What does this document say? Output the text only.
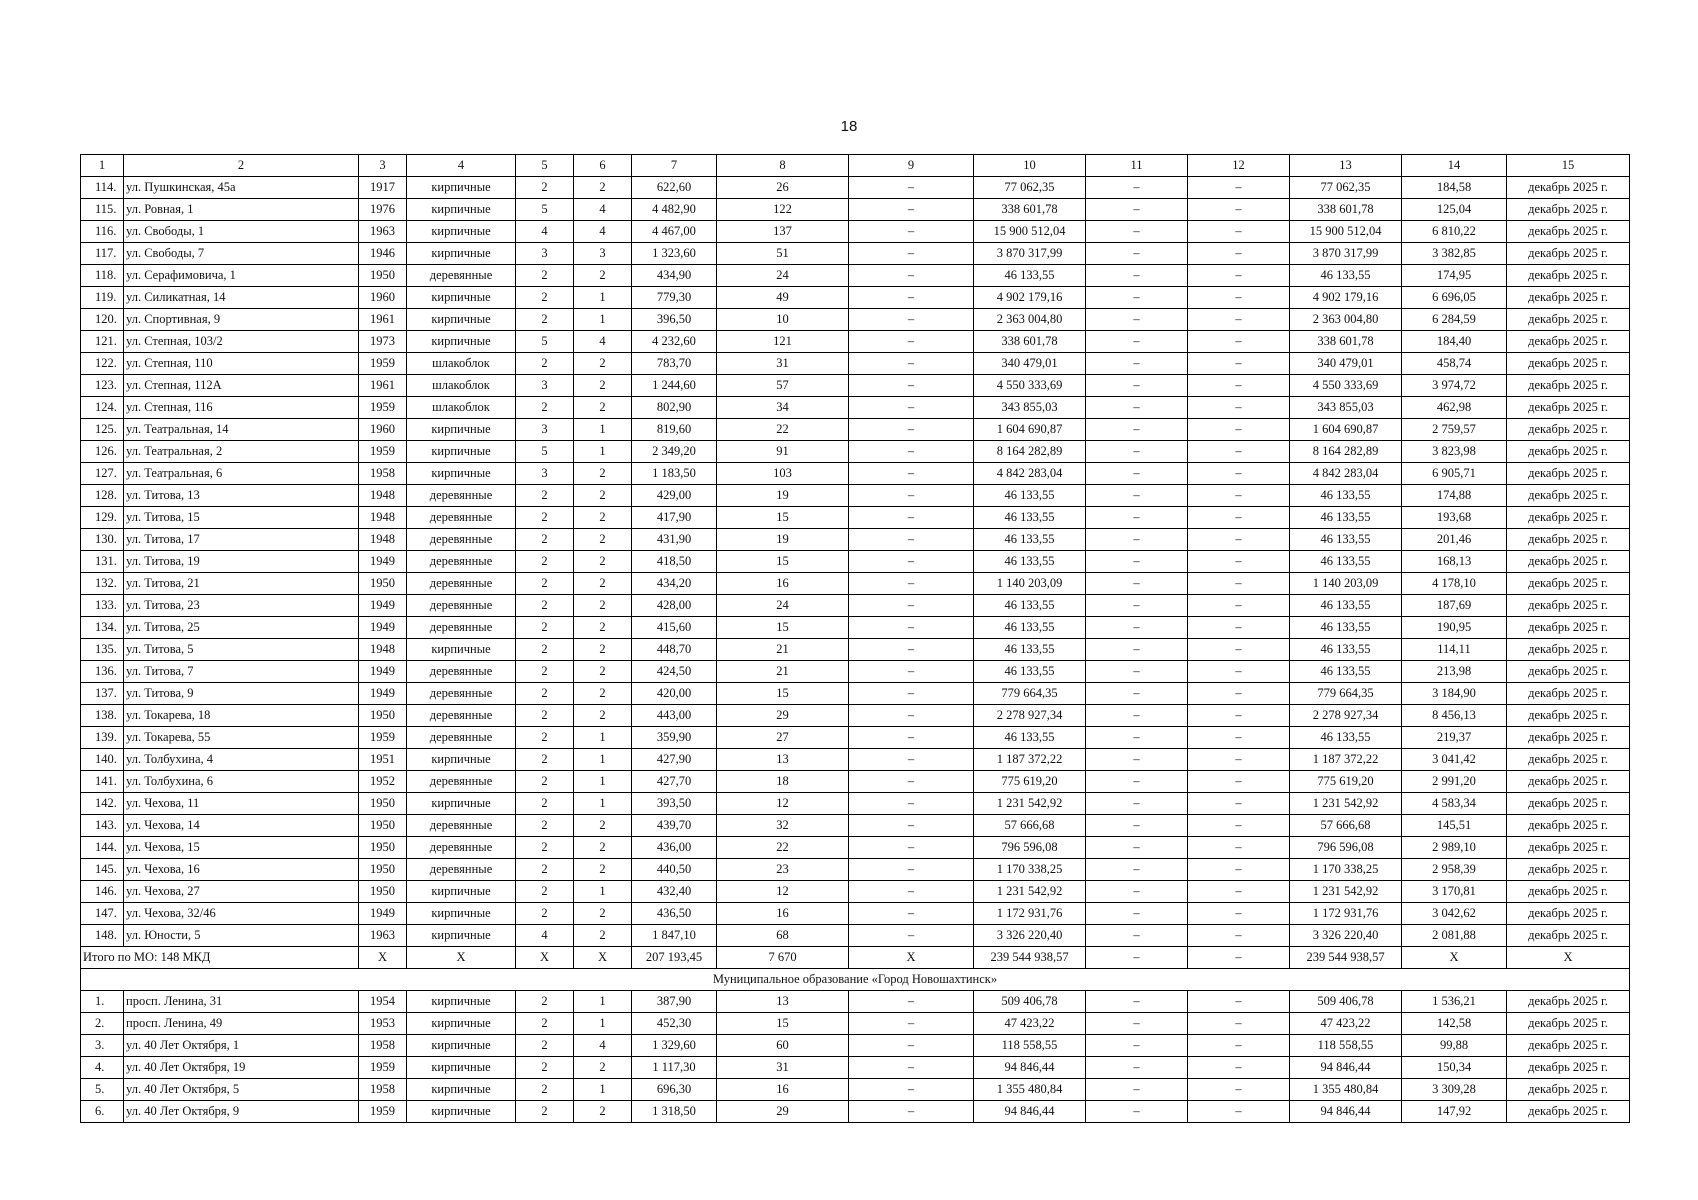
18
1	2	3	4	5	6	7	8	9	10	11	12	13	14	15
114.	ул. Пушкинская, 45а	1917	кирпичные	2	2	622,60	26	–	77 062,35	–	–	77 062,35	184,58	декабрь 2025 г.
115.	ул. Ровная, 1	1976	кирпичные	5	4	4 482,90	122	–	338 601,78	–	–	338 601,78	125,04	декабрь 2025 г.
116.	ул. Свободы, 1	1963	кирпичные	4	4	4 467,00	137	–	15 900 512,04	–	–	15 900 512,04	6 810,22	декабрь 2025 г.
117.	ул. Свободы, 7	1946	кирпичные	3	3	1 323,60	51	–	3 870 317,99	–	–	3 870 317,99	3 382,85	декабрь 2025 г.
118.	ул. Серафимовича, 1	1950	деревянные	2	2	434,90	24	–	46 133,55	–	–	46 133,55	174,95	декабрь 2025 г.
119.	ул. Силикатная, 14	1960	кирпичные	2	1	779,30	49	–	4 902 179,16	–	–	4 902 179,16	6 696,05	декабрь 2025 г.
120.	ул. Спортивная, 9	1961	кирпичные	2	1	396,50	10	–	2 363 004,80	–	–	2 363 004,80	6 284,59	декабрь 2025 г.
121.	ул. Степная, 103/2	1973	кирпичные	5	4	4 232,60	121	–	338 601,78	–	–	338 601,78	184,40	декабрь 2025 г.
122.	ул. Степная, 110	1959	шлакоблок	2	2	783,70	31	–	340 479,01	–	–	340 479,01	458,74	декабрь 2025 г.
123.	ул. Степная, 112А	1961	шлакоблок	3	2	1 244,60	57	–	4 550 333,69	–	–	4 550 333,69	3 974,72	декабрь 2025 г.
124.	ул. Степная, 116	1959	шлакоблок	2	2	802,90	34	–	343 855,03	–	–	343 855,03	462,98	декабрь 2025 г.
125.	ул. Театральная, 14	1960	кирпичные	3	1	819,60	22	–	1 604 690,87	–	–	1 604 690,87	2 759,57	декабрь 2025 г.
126.	ул. Театральная, 2	1959	кирпичные	5	1	2 349,20	91	–	8 164 282,89	–	–	8 164 282,89	3 823,98	декабрь 2025 г.
127.	ул. Театральная, 6	1958	кирпичные	3	2	1 183,50	103	–	4 842 283,04	–	–	4 842 283,04	6 905,71	декабрь 2025 г.
128.	ул. Титова, 13	1948	деревянные	2	2	429,00	19	–	46 133,55	–	–	46 133,55	174,88	декабрь 2025 г.
129.	ул. Титова, 15	1948	деревянные	2	2	417,90	15	–	46 133,55	–	–	46 133,55	193,68	декабрь 2025 г.
130.	ул. Титова, 17	1948	деревянные	2	2	431,90	19	–	46 133,55	–	–	46 133,55	201,46	декабрь 2025 г.
131.	ул. Титова, 19	1949	деревянные	2	2	418,50	15	–	46 133,55	–	–	46 133,55	168,13	декабрь 2025 г.
132.	ул. Титова, 21	1950	деревянные	2	2	434,20	16	–	1 140 203,09	–	–	1 140 203,09	4 178,10	декабрь 2025 г.
133.	ул. Титова, 23	1949	деревянные	2	2	428,00	24	–	46 133,55	–	–	46 133,55	187,69	декабрь 2025 г.
134.	ул. Титова, 25	1949	деревянные	2	2	415,60	15	–	46 133,55	–	–	46 133,55	190,95	декабрь 2025 г.
135.	ул. Титова, 5	1948	кирпичные	2	2	448,70	21	–	46 133,55	–	–	46 133,55	114,11	декабрь 2025 г.
136.	ул. Титова, 7	1949	деревянные	2	2	424,50	21	–	46 133,55	–	–	46 133,55	213,98	декабрь 2025 г.
137.	ул. Титова, 9	1949	деревянные	2	2	420,00	15	–	779 664,35	–	–	779 664,35	3 184,90	декабрь 2025 г.
138.	ул. Токарева, 18	1950	деревянные	2	2	443,00	29	–	2 278 927,34	–	–	2 278 927,34	8 456,13	декабрь 2025 г.
139.	ул. Токарева, 55	1959	деревянные	2	1	359,90	27	–	46 133,55	–	–	46 133,55	219,37	декабрь 2025 г.
140.	ул. Толбухина, 4	1951	кирпичные	2	1	427,90	13	–	1 187 372,22	–	–	1 187 372,22	3 041,42	декабрь 2025 г.
141.	ул. Толбухина, 6	1952	деревянные	2	1	427,70	18	–	775 619,20	–	–	775 619,20	2 991,20	декабрь 2025 г.
142.	ул. Чехова, 11	1950	кирпичные	2	1	393,50	12	–	1 231 542,92	–	–	1 231 542,92	4 583,34	декабрь 2025 г.
143.	ул. Чехова, 14	1950	деревянные	2	2	439,70	32	–	57 666,68	–	–	57 666,68	145,51	декабрь 2025 г.
144.	ул. Чехова, 15	1950	деревянные	2	2	436,00	22	–	796 596,08	–	–	796 596,08	2 989,10	декабрь 2025 г.
145.	ул. Чехова, 16	1950	деревянные	2	2	440,50	23	–	1 170 338,25	–	–	1 170 338,25	2 958,39	декабрь 2025 г.
146.	ул. Чехова, 27	1950	кирпичные	2	1	432,40	12	–	1 231 542,92	–	–	1 231 542,92	3 170,81	декабрь 2025 г.
147.	ул. Чехова, 32/46	1949	кирпичные	2	2	436,50	16	–	1 172 931,76	–	–	1 172 931,76	3 042,62	декабрь 2025 г.
148.	ул. Юности, 5	1963	кирпичные	4	2	1 847,10	68	–	3 326 220,40	–	–	3 326 220,40	2 081,88	декабрь 2025 г.
Итого по МО: 148 МКД		Х	Х	Х	Х	207 193,45	7 670	Х	239 544 938,57	–	–	239 544 938,57	Х	Х
Муниципальное образование «Город Новошахтинск»														
1.	просп. Ленина, 31	1954	кирпичные	2	1	387,90	13	–	509 406,78	–	–	509 406,78	1 536,21	декабрь 2025 г.
2.	просп. Ленина, 49	1953	кирпичные	2	1	452,30	15	–	47 423,22	–	–	47 423,22	142,58	декабрь 2025 г.
3.	ул. 40 Лет Октября, 1	1958	кирпичные	2	4	1 329,60	60	–	118 558,55	–	–	118 558,55	99,88	декабрь 2025 г.
4.	ул. 40 Лет Октября, 19	1959	кирпичные	2	2	1 117,30	31	–	94 846,44	–	–	94 846,44	150,34	декабрь 2025 г.
5.	ул. 40 Лет Октября, 5	1958	кирпичные	2	1	696,30	16	–	1 355 480,84	–	–	1 355 480,84	3 309,28	декабрь 2025 г.
6.	ул. 40 Лет Октября, 9	1959	кирпичные	2	2	1 318,50	29	–	94 846,44	–	–	94 846,44	147,92	декабрь 2025 г.
